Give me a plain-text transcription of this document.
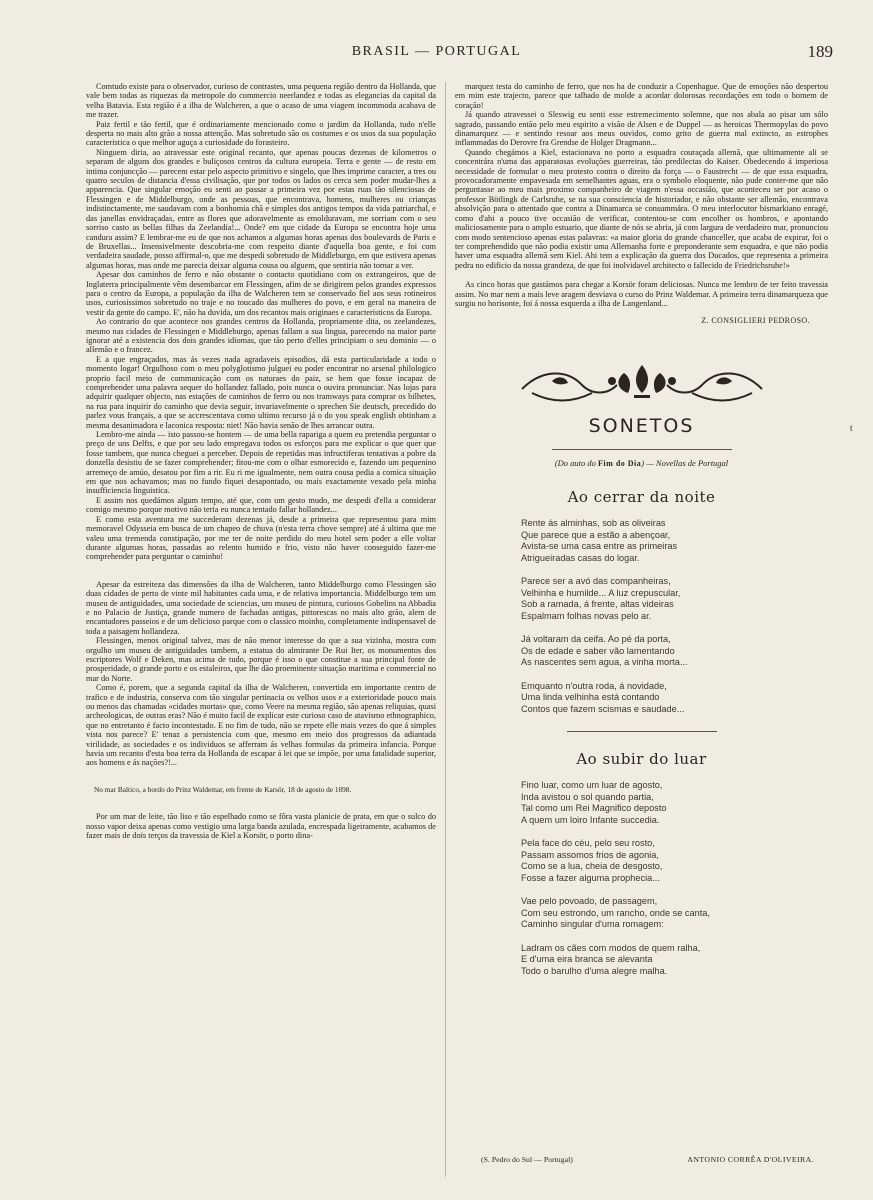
BRASIL — PORTUGAL	189

Comtudo existe para o observador, curioso de contrastes, uma pequena região dentro da Hollanda, que vale bem todas as riquezas da metropole do commercio neerlandez e todas as elegancias da capital da velha Batavia. Esta região é a ilha de Walcheren, a que o acaso de uma viagem incommoda acabava de me trazer.

Paiz fertil e tão fertil, que é ordinariamente mencionado como o jardim da Hollanda, tudo n'elle desperta no mais alto grão a nossa attenção. Mas sobretudo são os costumes e os usos da sua população caracteristica o que melhor aguça a curiosidade do forasteiro.

Ninguem diria, ao atravessar este original recanto, que apenas poucas dezenas de kilometros o separam de alguns dos grandes e buliçosos centros da cultura europeia. Terra e gente — de resto em intima conjuncção — parecem estar pelo aspecto primitivo e singelo, que lhes imprime caracter, a tres ou quatro seculos de distancia d'essa civilisação, que por todos os lados os cerca sem poder mudar-lhes a apparencia. Que singular emoção eu senti ao passar a primeira vez por estas ruas tão silenciosas de Flessingen e de Middelburgo, onde as pessoas, que encontrava, homens, mulheres ou crianças indistinctamente, me saudavam com a bonhomia chã e simples dos antigos tempos da vida patriarchal, e das janellas envidraçadas, entre as flores que adoravelmente as emolduravam, me sorriam com o seu sorriso casto as bellas filhas da Zeelandia!... Onde? em que cidade da Europa se encontra hoje uma candura assim? E lembrar-me eu de que nos achamos a algumas horas apenas dos boulevards de Paris e de Bruxellas... Insensivelmente descobria-me com respeito diante d'aquella boa gente, e foi com verdadeira saudade, posso affirmal-o, que me despedi sobretudo de Middleburgo, em que estivera apenas algumas horas, mas onde me parecia deixar alguma cousa ou alguem, que sentiria não tornar a ver.

Apesar dos caminhos de ferro e não obstante o contacto quotidiano com os extrangeiros, que de Inglaterra principalmente vêm desembarcar em Flessingen, afim de se dirigirem pelos grandes expressos para o centro da Europa, a população da ilha de Walcheren tem se conservado fiel aos seus rotineiros usos, curiosissimos sobretudo no traje e no toucado das mulheres do povo, e em geral na maneira de vestir da gente do campo. E', não ha duvida, um dos recantos mais originaes e caracteristicos da Europa.

Ao contrario do que acontece nos grandes centros da Hollanda, propriamente dita, os zeelandezes, mesmo nas cidades de Flessingen e Middleburgo, apenas fallam a sua lingua, parecendo na maior parte ignorar até a existencia dos dois grandes idiomas, que tão perto d'elles principiam o seu dominio — o allemão e o francez.

E a que engraçados, mas ás vezes nada agradaveis episodios, dá esta particularidade a todo o momento logar! Orgulhoso com o meu polyglotismo julguei eu poder encontrar no arsenal philologico proprio facil meio de communicação com os naturaes do paiz, se bem que fosse incapaz de comprehender uma palavra sequer do hollandez fallado, pois nunca o ouvira pronunciar. Nas lojas para adquirir qualquer objecto, nas estações de caminhos de ferro ou nos tramways para comprar os bilhetes, na rua para inquirir do caminho que devia seguir, invariavelmente o sprechen Sie deutsch, precedido do parlez vous français, a que se accrescentava como ultimo recurso já o do you speak english obtinham a mesma desanimadora e laconica resposta: niet! Não havia senão de lhes arrancar outra.

Lembro-me ainda — isto passou-se hontem — de uma bella rapariga a quem eu pretendia perguntar o preço de uns Delfts, e que por seu lado empregava todos os esforços para me explicar o que quer que fosse tambem, que nunca cheguei a perceber. Depois de repetidas mas infructiferas tentativas a pobre da donzella desistiu de se fazer comprehender; fitou-me com o olhar esmorecido e, fazendo um pequenino arremeço de amúo, desatou por fim a rir. Eu ri me igualmente, nem outra cousa pedia a comica situação em que nos achavamos; mas no fundo fiquei desapontado, ou mais exactamente vexado pela minha insufficiencia linguistica.

E assim nos quedámos algum tempo, até que, com um gesto mudo, me despedi d'ella a considerar comigo mesmo porque motivo não teria eu nunca tentado fallar hollandez...

E como esta aventura me succederam dezenas já, desde a primeira que representou para mim memoravel Odysseia em busca de um chapeo de chuva (n'esta terra chove sempre) até á ultima que me valeu uma tremenda constipação, por me ter de noite perdido do meu hotel sem poder a elle voltar durante algumas horas, passadas ao relento humido e frio, visto não haver conseguido fazer-me comprehender para perguntar o caminho!

Apesar da estreiteza das dimensões da ilha de Walcheren, tanto Middelburgo como Flessingen são duas cidades de perto de vinte mil habitantes cada uma, e de relativa importancia. Middelburgo tem um museu de antiguidades, uma sociedade de sciencias, um museu de pintura, curiosos Gobelins na Abbadia e no Palacio de Justiça, grande numero de fachadas antigas, pittorescas no mais alto grão, alem de encantadores passeios e de um delicioso parque com o classico moinho, completamente indispensavel de toda a paisagem hollandeza.

Flessingen, menos original talvez, mas de não menor interesse do que a sua vizinha, mostra com orgulho um museu de antiguidades tambem, a estatua do almirante De Rui Iter, os monumentos dos escriptores Wolf e Deken, mas acima de tudo, porque é isso o que constitue a sua principal fonte de prosperidade, o grande porto e os estaleiros, que lhe dão proeminente situação maritima e commercial no mar do Norte.

Como é, porem, que a segunda capital da ilha de Walcheren, convertida em importante centro de trafico e de industria, conserva com tão singular pertinacia os velhos usos e a exterioridade pouco mais ou menos das chamadas «cidades mortas» que, como Veere na mesma região, são apenas reliquias, quasi archeologicas, de outras eras? Não é muito facil de explicar este curioso caso de atavismo ethnographico, que no entretanto é facto incontestado. E no fim de tudo, não se repete elle mais vezes do que á simples vista nos parece? E' tenaz a persistencia com que, mesmo em meio dos progressos da adiantada virilidade, as sociedades e os individuos se afferram ás velhas formulas da primeira infancia. Porque havia um recanto d'esta boa terra da Hollanda de escapar á lei que se impõe, por uma fatalidade superior, aos homens e ás nações?!...

No mar Baltico, a bordo do Prinz Waldemar, em frente de Karsör, 18 de agosto de 1898.

Por um mar de leite, tão liso e tão espelhado como se fôra vasta planicie de prata, em que o sulco do nosso vapor deixa apenas como vestigio uma larga banda azulada, encrespada ligeiramente, acabamos de fazer mais de dois terços da travessia de Kiel a Korsör, o porto dina-

marquez testa do caminho de ferro, que nos ha de conduzir a Copenhague. Que de emoções não despertou em mim este trajecto, parece que talhado de molde a acordar dolorosas recordações em todo o homem de coração!

Já quando atravessei o Sleswig eu senti esse estremecimento solemne, que nos abala ao pisar um sólo sagrado, passando então pelo meu espirito a visão de Alsen e de Duppel — as heroicas Thermopylas do povo dinamarquez — e sentindo resoar aos meus ouvidos, como grito de guerra mal extincto, as estrophes inflammadas do Derovre fra Grendse de Holger Dragmann...

Quando chegámos a Kiel, estacionava no porto a esquadra couraçada allemã, que ultimamente ali se concentrára n'uma das apparatosas evoluções guerreiras, tão predilectas do Kaiser. Obedecendo á imperiosa necessidade de formular o meu protesto contra o direito da força — o Faustrecht — de que essa esquadra, provocadoramente empavesada em semelhantes aguas, era o symbolo eloquente, não pude conter-me que não perguntasse ao meu mais proximo companheiro de viagem n'essa occasião, que aconteceu ser por acaso o professor Bötlingk de Carlsruhe, se na sua consciencia de historiador, e não obstante ser allemão, encontrava absolvição para o attentado que contra a Dinamarca se consummára. O meu interlocutor bismarkiano enragé, como d'ahi a pouco tive occasião de verificar, contentou-se com encolher os hombros, e apontando maliciosamente para o amplo estuario, que diante de nós se abria, já com largura de verdadeiro mar, pronunciou com modo sentencioso apenas estas palavras: «a maior gloria do grande chanceller, que acaba de expirar, foi o ter comprehendido que não podia existir uma Allemanha forte e preponderante sem esquadra, e que não podia haver uma esquadra allemã sem Kiel. Ahi tem a explicação da guerra dos Ducados, que representa a primeira pedra no edificio da nossa grandeza, de que foi inolvidavel architecto o fallecido de Friedrichsruhe!»

As cinco horas que gastámos para chegar a Korsör foram deliciosas. Nunca me lembro de ter feito travessia assim. No mar nem a mais leve aragem desviava o curso do Prinz Waldemar. A primeira terra dinamarqueza que surgiu no horisonte, foi á nossa esquerda a ilha de Langenland...

Z. CONSIGLIERI PEDROSO.
SONETOS
(Do auto do Fim do Dia) — Novellas de Portugal
Ao cerrar da noite
Rente ás alminhas, sob as oliveiras
Que parece que a estão a abençoar,
Avista-se uma casa entre as primeiras
Atrigueiradas casas do logar.
Parece ser a avó das companheiras,
Velhinha e humilde... A luz crepuscular,
Sob a ramada, á frente, altas videiras
Espalmam folhas novas pelo ar.
Já voltaram da ceifa. Ao pé da porta,
Os de edade e saber vão lamentando
As nascentes sem agua, a vinha morta...
Emquanto n'outra roda, á novidade,
Uma linda velhinha está contando
Contos que fazem scismas e saudade...
Ao subir do luar
Fino luar, como um luar de agosto,
Inda avistou o sol quando partia,
Tal como um Rei Magnifico deposto
A quem um loiro Infante succedia.
Pela face do céu, pelo seu rosto,
Passam assomos frios de agonia,
Como se a lua, cheia de desgosto,
Fosse a fazer alguma prophecia...
Vae pelo povoado, de passagem,
Com seu estrondo, um rancho, onde se canta,
Caminho singular d'uma romagem:
Ladram os cães com modos de quem ralha,
E d'uma eira branca se alevanta
Todo o barulho d'uma alegre malha.
t
(S. Pedro do Sul — Portugal)	ANTONIO CORRÊA D'OLIVEIRA.
